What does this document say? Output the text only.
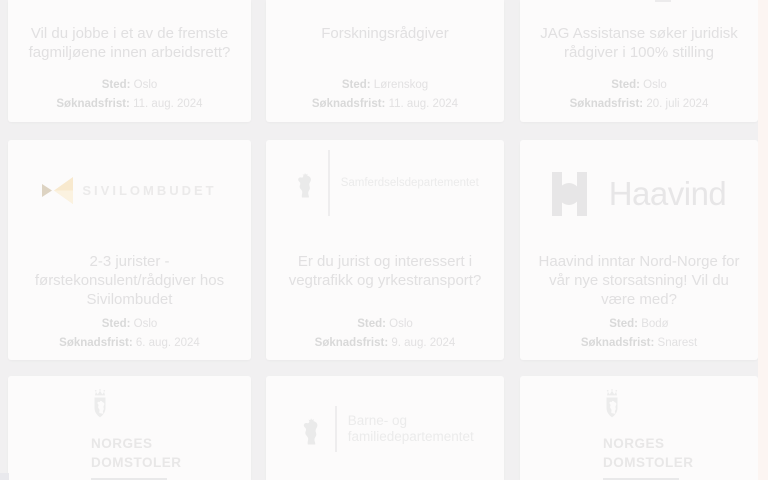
Vil du jobbe i et av de fremste fagmiljøene innen arbeidsrett?

Sted: Oslo

Søknadsfrist: 11. aug. 2024

Forskningsrådgiver

Sted: Lørenskog

Søknadsfrist: 11. aug. 2024

JAG Assistanse søker juridisk rådgiver i 100% stilling

Sted: Oslo

Søknadsfrist: 20. juli 2024

SIVILOMBUDET
2-3 jurister - førstekonsulent/rådgiver hos Sivilombudet

Sted: Oslo

Søknadsfrist: 6. aug. 2024

Samferdselsdepartementet
Er du jurist og interessert i vegtrafikk og yrkestransport?

Sted: Oslo

Søknadsfrist: 9. aug. 2024

Haavind
Haavind inntar Nord-Norge for vår nye storsatsning! Vil du være med?

Sted: Bodø

Søknadsfrist: Snarest

NORGES
DOMSTOLER
Barne- og
familiedepartementet	NORGES
DOMSTOLER
